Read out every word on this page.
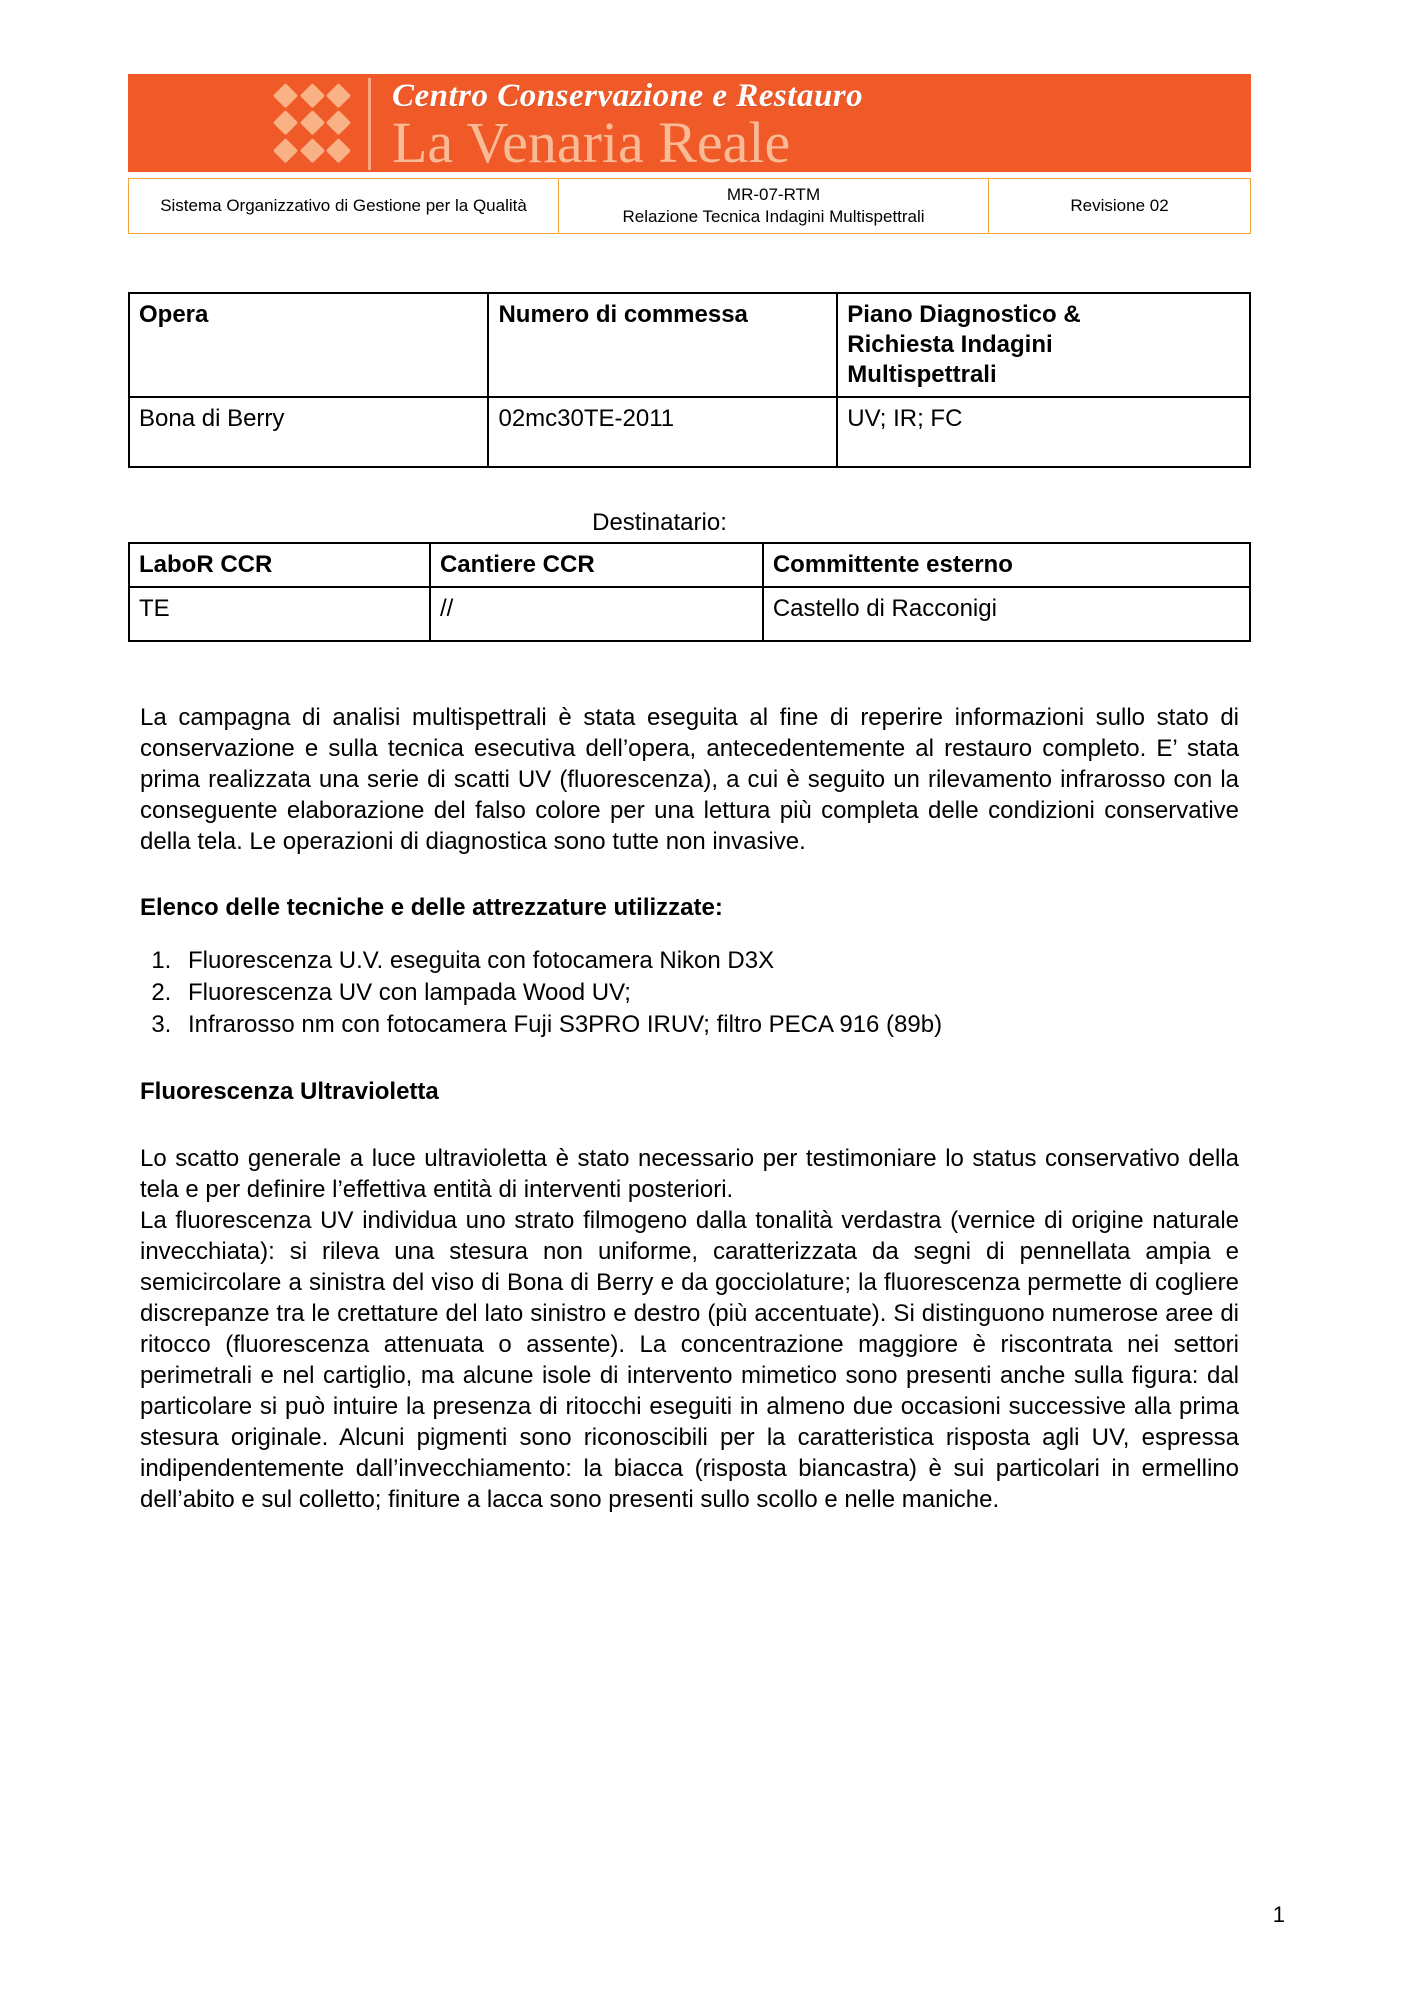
Centro Conservazione e Restauro
La Venaria Reale
Sistema Organizzativo di Gestione per la Qualità	
MR-07-RTM
Relazione Tecnica Indagini Multispettrali
	Revisione 02
Opera	Numero di commessa	Piano Diagnostico &
Richiesta Indagini
Multispettrali

Bona di Berry	02mc30TE-2011	UV; IR; FC
Destinatario:
LaboR CCR	Cantiere CCR	Committente esterno
TE	//	Castello di Racconigi

La campagna di analisi multispettrali è stata eseguita al fine di reperire informazioni sullo stato di conservazione e sulla tecnica esecutiva dell’opera, antecedentemente al restauro completo. E’ stata prima realizzata una serie di scatti UV (fluorescenza), a cui è seguito un rilevamento infrarosso con la conseguente elaborazione del falso colore per una lettura più completa delle condizioni conservative della tela. Le operazioni di diagnostica sono tutte non invasive.

Elenco delle tecniche e delle attrezzature utilizzate:
1. Fluorescenza U.V. eseguita con fotocamera Nikon D3X
2. Fluorescenza UV con lampada Wood UV;
3. Infrarosso nm con fotocamera Fuji S3PRO IRUV; filtro PECA 916 (89b)
Fluorescenza Ultravioletta

Lo scatto generale a luce ultravioletta è stato necessario per testimoniare lo status conservativo della tela e per definire l’effettiva entità di interventi posteriori.

La fluorescenza UV individua uno strato filmogeno dalla tonalità verdastra (vernice di origine naturale invecchiata): si rileva una stesura non uniforme, caratterizzata da segni di pennellata ampia e semicircolare a sinistra del viso di Bona di Berry e da gocciolature; la fluorescenza permette di cogliere discrepanze tra le crettature del lato sinistro e destro (più accentuate). Si distinguono numerose aree di ritocco (fluorescenza attenuata o assente). La concentrazione maggiore è riscontrata nei settori perimetrali e nel cartiglio, ma alcune isole di intervento mimetico sono presenti anche sulla figura: dal particolare si può intuire la presenza di ritocchi eseguiti in almeno due occasioni successive alla prima stesura originale. Alcuni pigmenti sono riconoscibili per la caratteristica risposta agli UV, espressa indipendentemente dall’invecchiamento: la biacca (risposta biancastra) è sui particolari in ermellino dell’abito e sul colletto; finiture a lacca sono presenti sullo scollo e nelle maniche.

1
